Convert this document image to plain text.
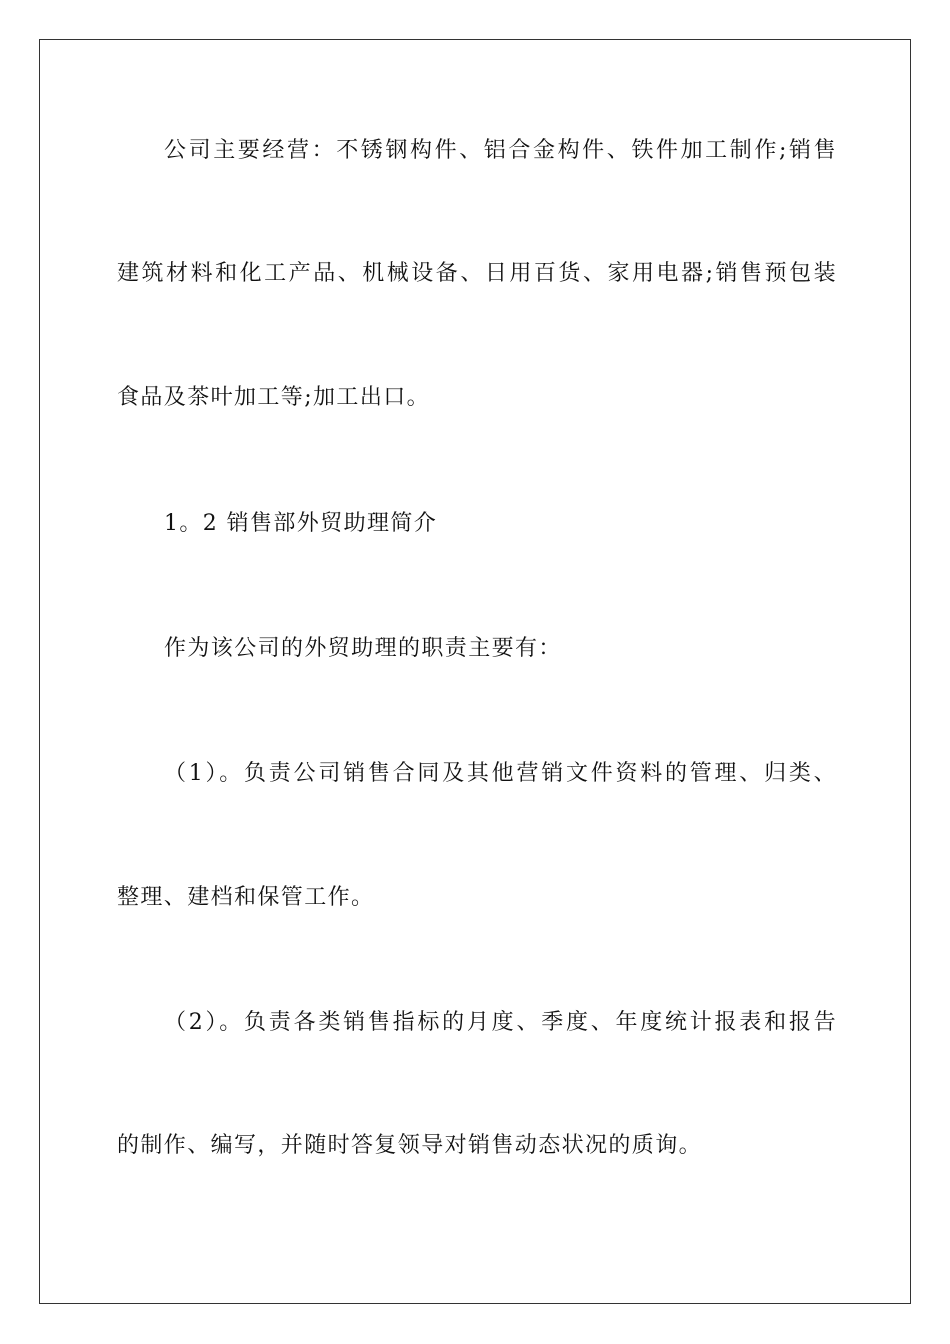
公司主要经营：不锈钢构件、铝合金构件、铁件加工制作;销售
建筑材料和化工产品、机械设备、日用百货、家用电器;销售预包装
食品及茶叶加工等;加工出口。
1。2 销售部外贸助理简介
作为该公司的外贸助理的职责主要有：
（1）。负责公司销售合同及其他营销文件资料的管理、归类、
整理、建档和保管工作。
（2）。负责各类销售指标的月度、季度、年度统计报表和报告
的制作、编写，并随时答复领导对销售动态状况的质询。
